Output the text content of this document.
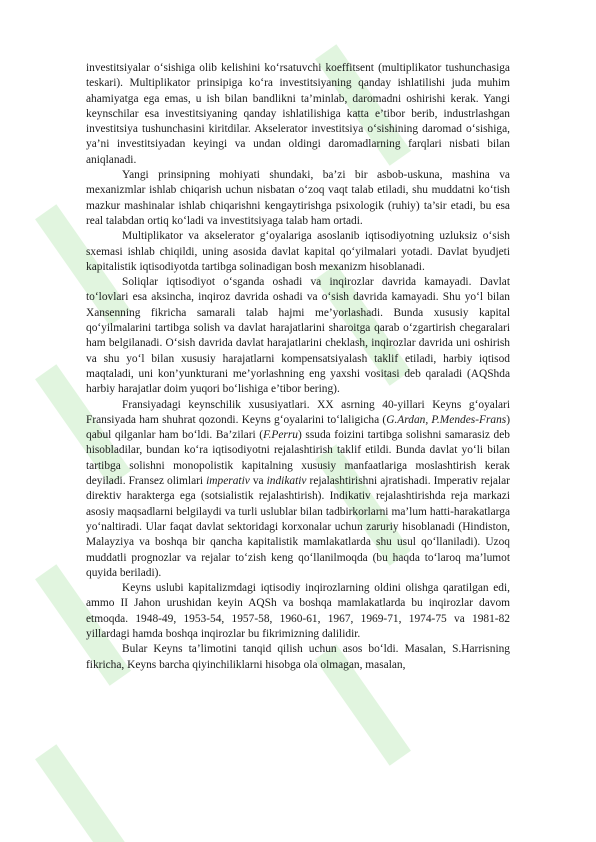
investitsiyalar o‘sishiga olib kelishini ko‘rsatuvchi koeffitsent (multiplikator tushunchasiga teskari). Multiplikator prinsipiga ko‘ra investitsiyaning qanday ishlatilishi juda muhim ahamiyatga ega emas, u ish bilan bandlikni ta’minlab, daromadni oshirishi kerak. Yangi keynschilar esa investitsiyaning qanday ishlatilishiga katta e’tibor berib, industrlashgan investitsiya tushunchasini kiritdilar. Akselerator investitsiya o‘sishining daromad o‘sishiga, ya’ni investitsiyadan keyingi va undan oldingi daromadlarning farqlari nisbati bilan aniqlanadi.

Yangi prinsipning mohiyati shundaki, ba’zi bir asbob-uskuna, mashina va mexanizmlar ishlab chiqarish uchun nisbatan o‘zoq vaqt talab etiladi, shu muddatni ko‘tish mazkur mashinalar ishlab chiqarishni kengaytirishga psixologik (ruhiy) ta’sir etadi, bu esa real talabdan ortiq ko‘ladi va investitsiyaga talab ham ortadi.

Multiplikator va akselerator g‘oyalariga asoslanib iqtisodiyotning uzluksiz o‘sish sxemasi ishlab chiqildi, uning asosida davlat kapital qo‘yilmalari yotadi. Davlat byudjeti kapitalistik iqtisodiyotda tartibga solinadigan bosh mexanizm hisoblanadi.

Soliqlar iqtisodiyot o‘sganda oshadi va inqirozlar davrida kamayadi. Davlat to‘lovlari esa aksincha, inqiroz davrida oshadi va o‘sish davrida kamayadi. Shu yo‘l bilan Xansenning fikricha samarali talab hajmi me’yorlashadi. Bunda xususiy kapital qo‘yilmalarini tartibga solish va davlat harajatlarini sharoitga qarab o‘zgartirish chegaralari ham belgilanadi. O‘sish davrida davlat harajatlarini cheklash, inqirozlar davrida uni oshirish va shu yo‘l bilan xususiy harajatlarni kompensatsiyalash taklif etiladi, harbiy iqtisod maqtaladi, uni kon’yunkturani me’yorlashning eng yaxshi vositasi deb qaraladi (AQShda harbiy harajatlar doim yuqori bo‘lishiga e’tibor bering).

Fransiyadagi keynschilik xususiyatlari. XX asrning 40-yillari Keyns g‘oyalari Fransiyada ham shuhrat qozondi. Keyns g‘oyalarini to‘laligicha (G.Ardan, P.Mendes-Frans) qabul qilganlar ham bo‘ldi. Ba’zilari (F.Perru) ssuda foizini tartibga solishni samarasiz deb hisobladilar, bundan ko‘ra iqtisodiyotni rejalashtirish taklif etildi. Bunda davlat yo‘li bilan tartibga solishni monopolistik kapitalning xususiy manfaatlariga moslashtirish kerak deyiladi. Fransez olimlari imperativ va indikativ rejalashtirishni ajratishadi. Imperativ rejalar direktiv harakterga ega (sotsialistik rejalashtirish). Indikativ rejalashtirishda reja markazi asosiy maqsadlarni belgilaydi va turli uslublar bilan tadbirkorlarni ma’lum hatti-harakatlarga yo‘naltiradi. Ular faqat davlat sektoridagi korxonalar uchun zaruriy hisoblanadi (Hindiston, Malayziya va boshqa bir qancha kapitalistik mamlakatlarda shu usul qo‘llaniladi). Uzoq muddatli prognozlar va rejalar to‘zish keng qo‘llanilmoqda (bu haqda to‘laroq ma’lumot quyida beriladi).

Keyns uslubi kapitalizmdagi iqtisodiy inqirozlarning oldini olishga qaratilgan edi, ammo II Jahon urushidan keyin AQSh va boshqa mamlakatlarda bu inqirozlar davom etmoqda. 1948-49, 1953-54, 1957-58, 1960-61, 1967, 1969-71, 1974-75 va 1981-82 yillardagi hamda boshqa inqirozlar bu fikrimizning dalilidir.

Bular Keyns ta’limotini tanqid qilish uchun asos bo‘ldi. Masalan, S.Harrisning fikricha, Keyns barcha qiyinchiliklarni hisobga ola olmagan, masalan,
